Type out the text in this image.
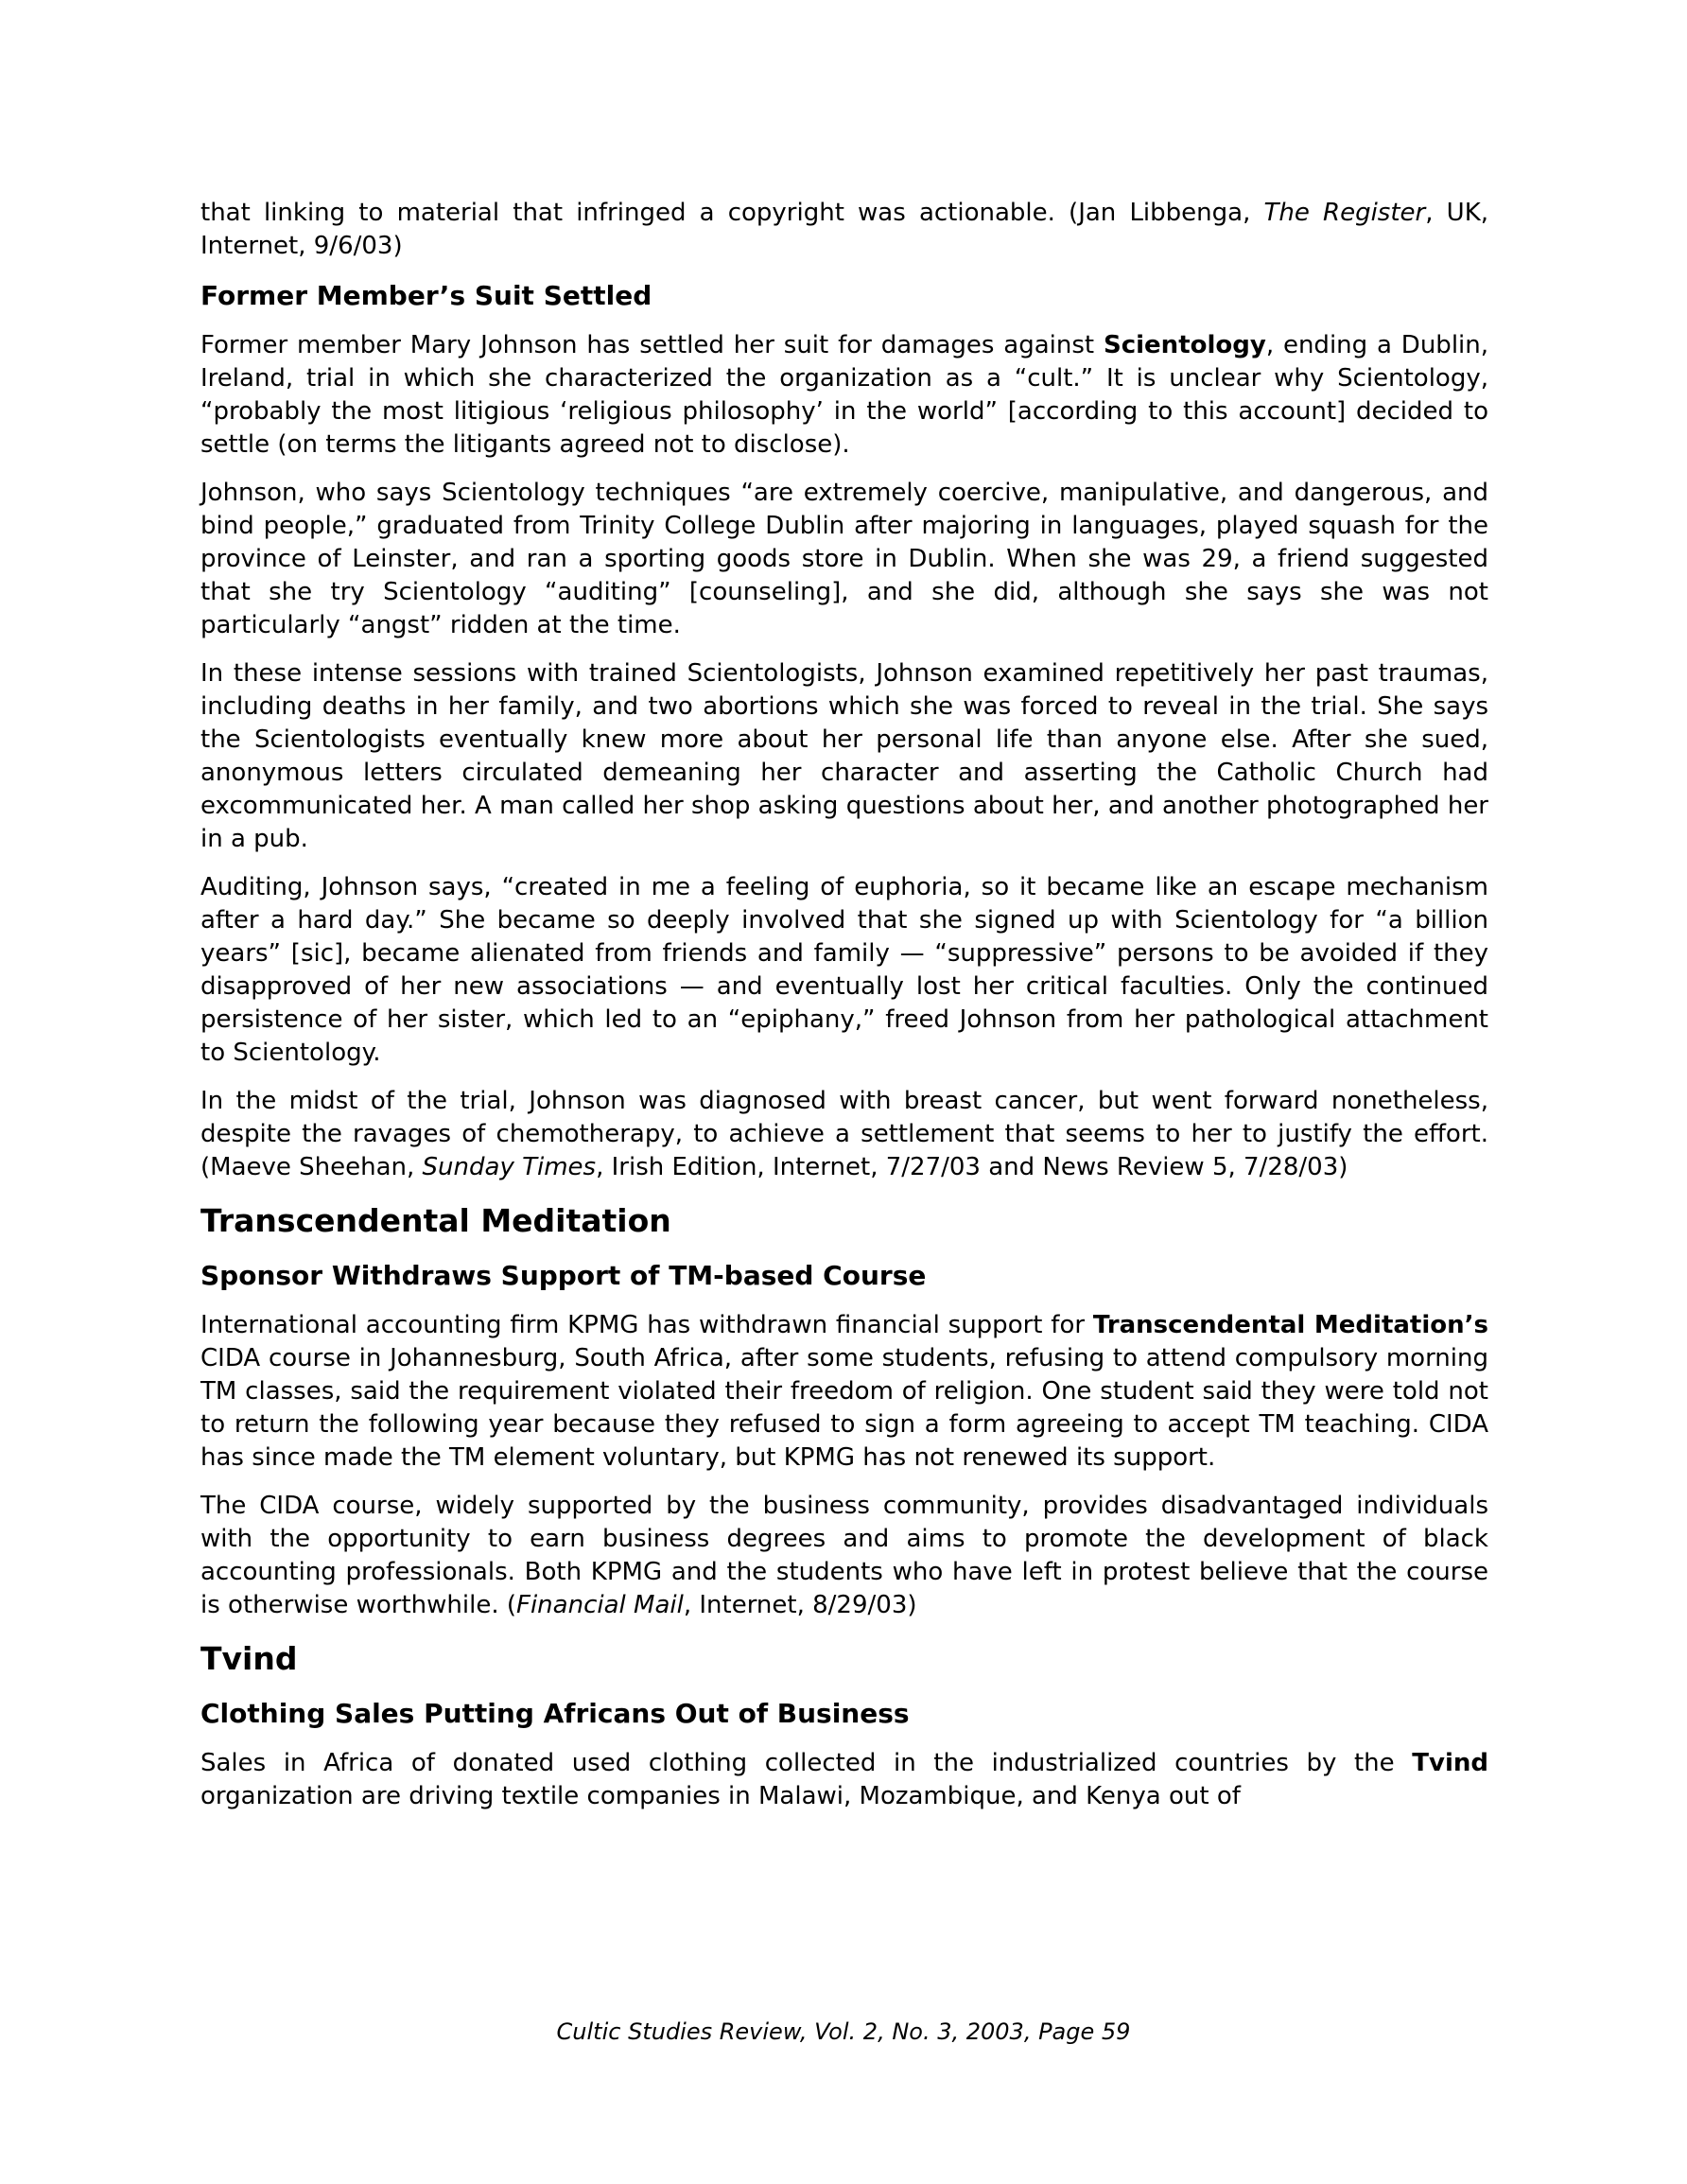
that linking to material that infringed a copyright was actionable. (Jan Libbenga, The Register, UK, Internet, 9/6/03)

Former Member’s Suit Settled

Former member Mary Johnson has settled her suit for damages against Scientology, ending a Dublin, Ireland, trial in which she characterized the organization as a “cult.” It is unclear why Scientology, “probably the most litigious ‘religious philosophy’ in the world” [according to this account] decided to settle (on terms the litigants agreed not to disclose).

Johnson, who says Scientology techniques “are extremely coercive, manipulative, and dangerous, and bind people,” graduated from Trinity College Dublin after majoring in languages, played squash for the province of Leinster, and ran a sporting goods store in Dublin. When she was 29, a friend suggested that she try Scientology “auditing” [counseling], and she did, although she says she was not particularly “angst” ridden at the time.

In these intense sessions with trained Scientologists, Johnson examined repetitively her past traumas, including deaths in her family, and two abortions which she was forced to reveal in the trial. She says the Scientologists eventually knew more about her personal life than anyone else. After she sued, anonymous letters circulated demeaning her character and asserting the Catholic Church had excommunicated her. A man called her shop asking questions about her, and another photographed her in a pub.

Auditing, Johnson says, “created in me a feeling of euphoria, so it became like an escape mechanism after a hard day.” She became so deeply involved that she signed up with Scientology for “a billion years” [sic], became alienated from friends and family — “suppressive” persons to be avoided if they disapproved of her new associations — and eventually lost her critical faculties. Only the continued persistence of her sister, which led to an “epiphany,” freed Johnson from her pathological attachment to Scientology.

In the midst of the trial, Johnson was diagnosed with breast cancer, but went forward nonetheless, despite the ravages of chemotherapy, to achieve a settlement that seems to her to justify the effort. (Maeve Sheehan, Sunday Times, Irish Edition, Internet, 7/27/03 and News Review 5, 7/28/03)

Transcendental Meditation
Sponsor Withdraws Support of TM-based Course

International accounting firm KPMG has withdrawn financial support for Transcendental Meditation’s CIDA course in Johannesburg, South Africa, after some students, refusing to attend compulsory morning TM classes, said the requirement violated their freedom of religion. One student said they were told not to return the following year because they refused to sign a form agreeing to accept TM teaching. CIDA has since made the TM element voluntary, but KPMG has not renewed its support.

The CIDA course, widely supported by the business community, provides disadvantaged individuals with the opportunity to earn business degrees and aims to promote the development of black accounting professionals. Both KPMG and the students who have left in protest believe that the course is otherwise worthwhile. (Financial Mail, Internet, 8/29/03)

Tvind
Clothing Sales Putting Africans Out of Business

Sales in Africa of donated used clothing collected in the industrialized countries by the Tvind organization are driving textile companies in Malawi, Mozambique, and Kenya out of

Cultic Studies Review, Vol. 2, No. 3, 2003, Page 59
